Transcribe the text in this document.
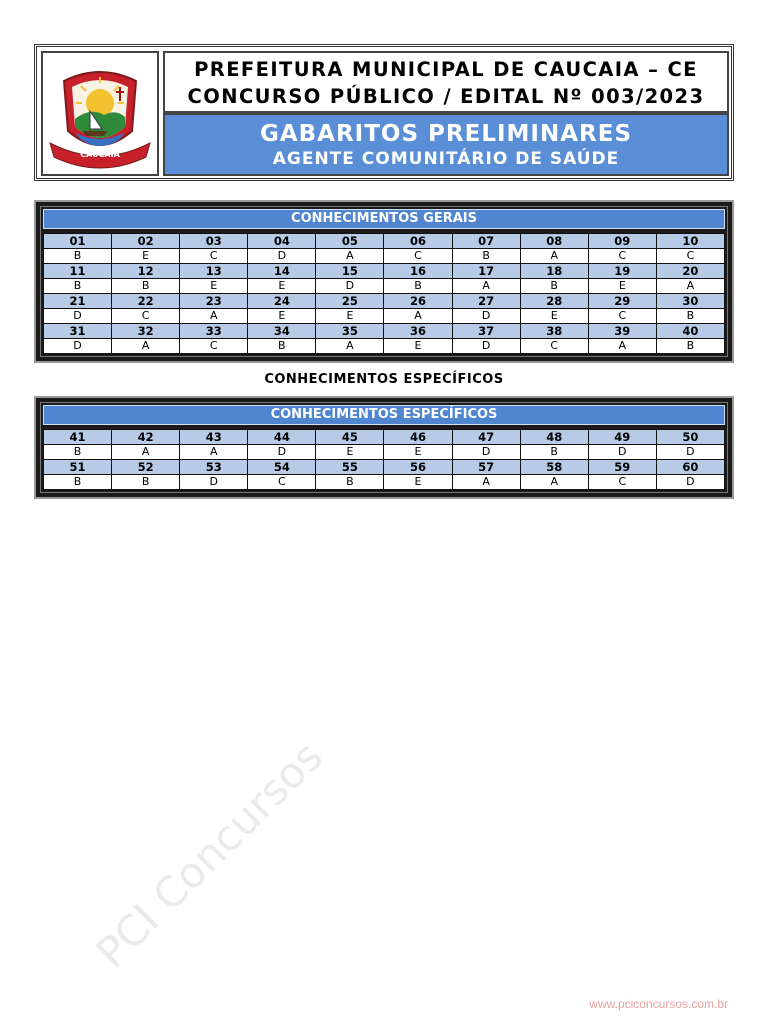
CAUCAIA
PREFEITURA MUNICIPAL DE CAUCAIA – CE
CONCURSO PÚBLICO / EDITAL Nº 003/2023
GABARITOS PRELIMINARES
AGENTE COMUNITÁRIO DE SAÚDE
CONHECIMENTOS GERAIS
01	02	03	04	05	06	07	08	09	10
B	E	C	D	A	C	B	A	C	C
11	12	13	14	15	16	17	18	19	20
B	B	E	E	D	B	A	B	E	A
21	22	23	24	25	26	27	28	29	30
D	C	A	E	E	A	D	E	C	B
31	32	33	34	35	36	37	38	39	40
D	A	C	B	A	E	D	C	A	B
CONHECIMENTOS ESPECÍFICOS
CONHECIMENTOS ESPECÍFICOS
41	42	43	44	45	46	47	48	49	50
B	A	A	D	E	E	D	B	D	D
51	52	53	54	55	56	57	58	59	60
B	B	D	C	B	E	A	A	C	D
PCI Concursos
www.pciconcursos.com.br
